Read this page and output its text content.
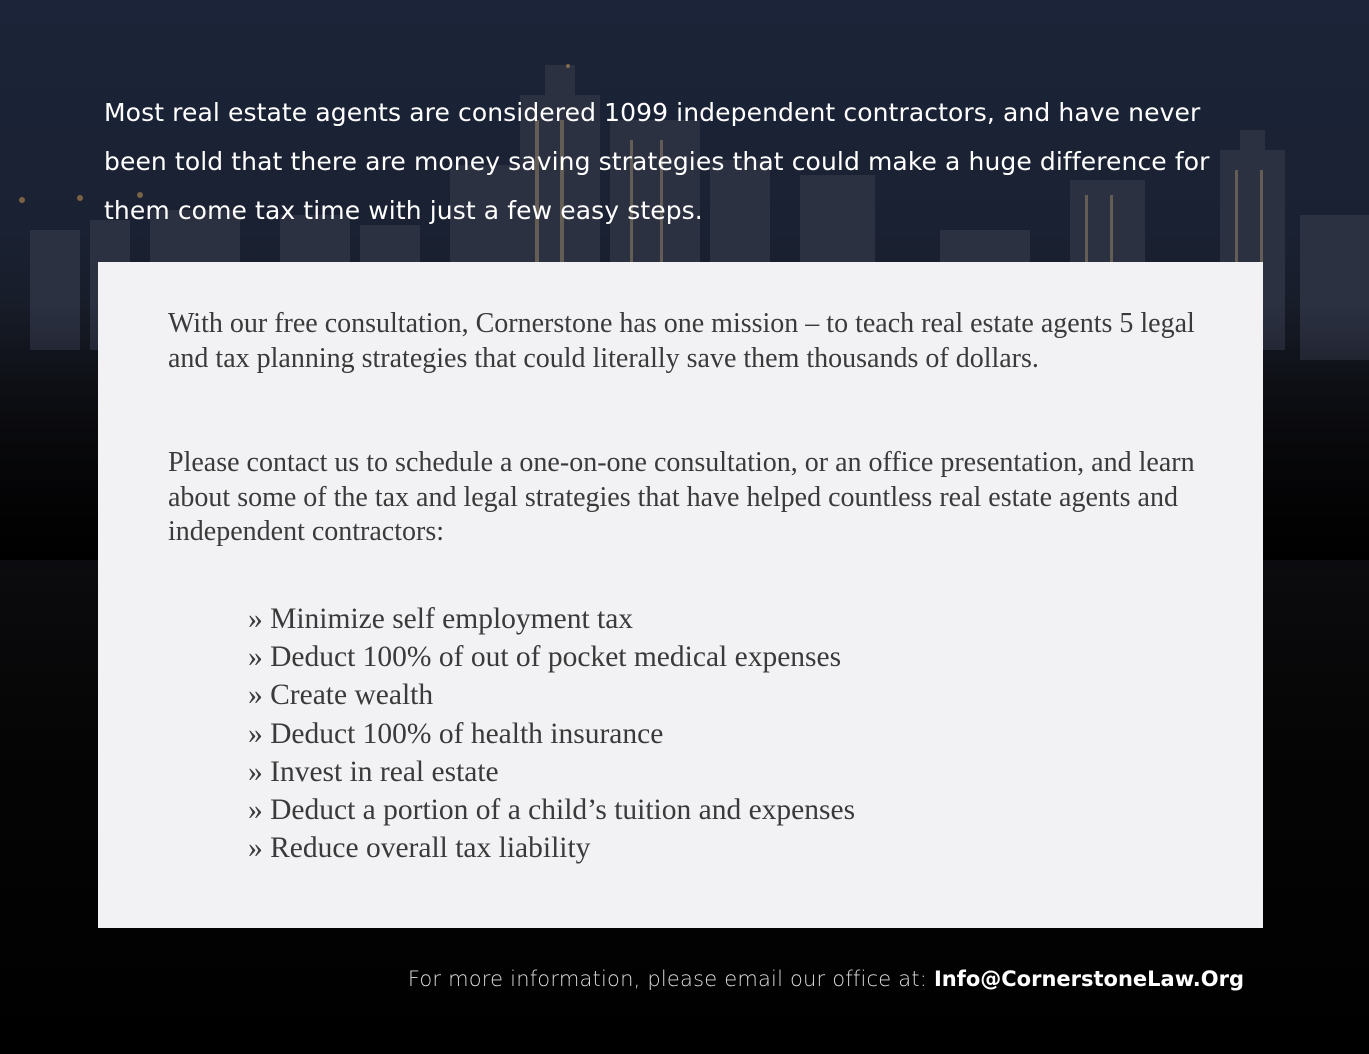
Most real estate agents are considered 1099 independent contractors, and have never been told that there are money saving strategies that could make a huge difference for them come tax time with just a few easy steps.

With our free consultation, Cornerstone has one mission – to teach real estate agents 5 legal and tax planning strategies that could literally save them thousands of dollars.

Please contact us to schedule a one-on-one consultation, or an office presentation, and learn about some of the tax and legal strategies that have helped countless real estate agents and independent contractors:

» Minimize self employment tax
» Deduct 100% of out of pocket medical expenses
» Create wealth
» Deduct 100% of health insurance
» Invest in real estate
» Deduct a portion of a child’s tuition and expenses
» Reduce overall tax liability
For more information, please email our office at: Info@CornerstoneLaw.Org
